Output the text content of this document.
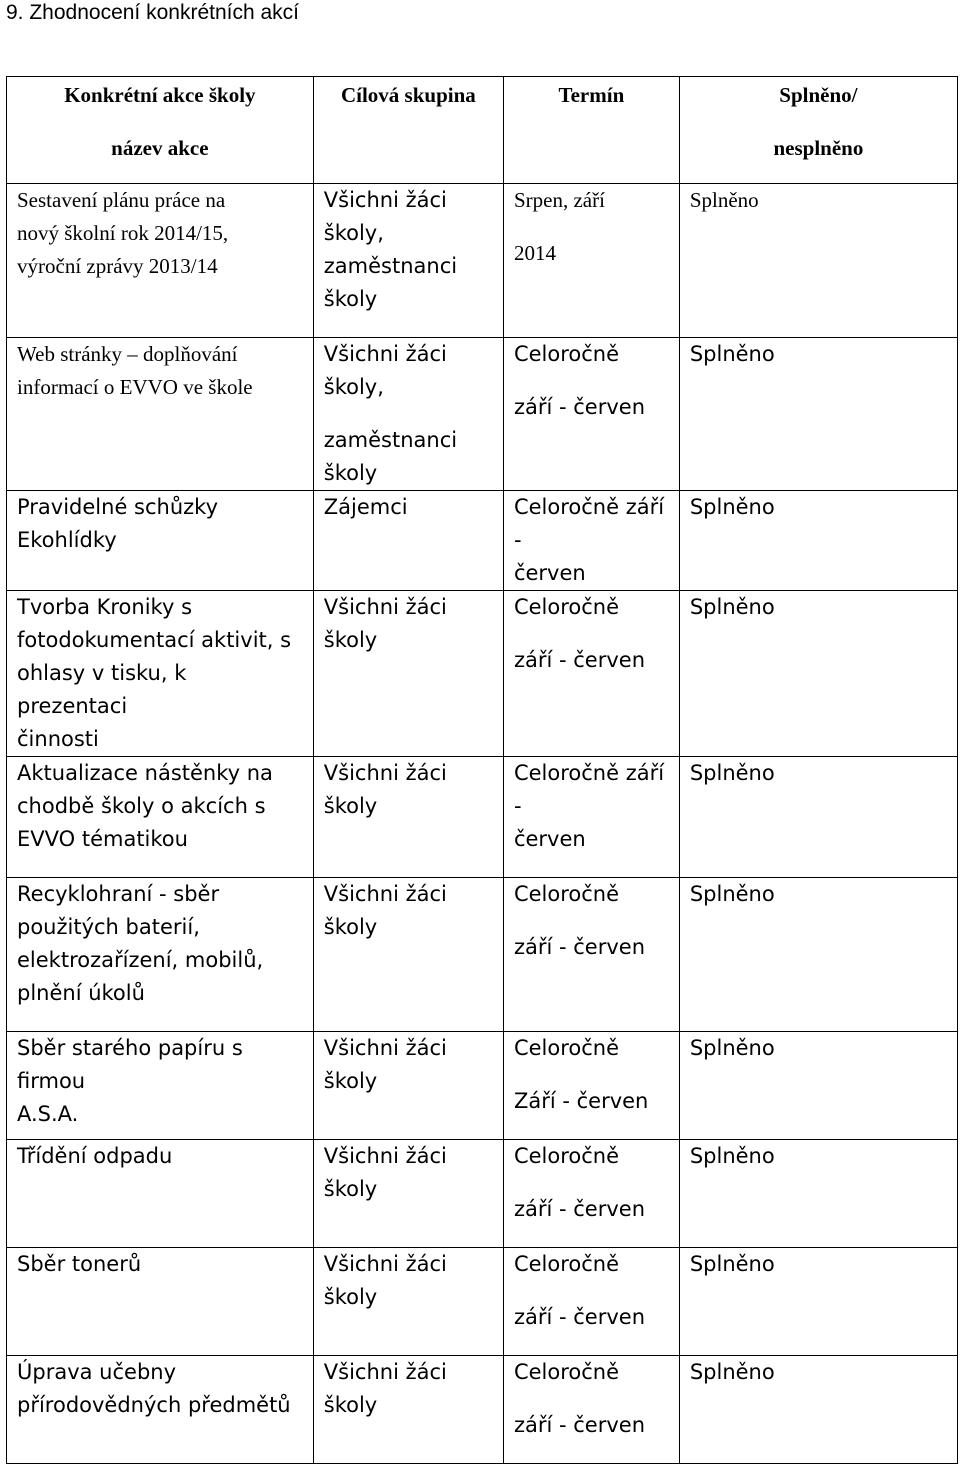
9. Zhodnocení konkrétních akcí
Konkrétní akce školy
název akce	Cílová skupina	Termín	Splněno/
nesplněno

Sestavení plánu práce na
nový školní rok 2014/15,
výroční zprávy 2013/14	Všichni žáci
školy,
zaměstnanci
školy	Srpen, září
2014	Splněno

Web stránky – doplňování
informací o EVVO ve škole	Všichni žáci školy,
zaměstnanci školy	Celoročně
září - červen	Splněno

Pravidelné schůzky
Ekohlídky	Zájemci	Celoročně září -
červen	Splněno

Tvorba Kroniky s
fotodokumentací aktivit, s
ohlasy v tisku, k prezentaci
činnosti	Všichni žáci
školy	Celoročně
září - červen	Splněno

Aktualizace nástěnky na
chodbě školy o akcích s
EVVO tématikou	Všichni žáci
školy	Celoročně září -
červen	Splněno

Recyklohraní - sběr
použitých baterií,
elektrozařízení, mobilů,
plnění úkolů	Všichni žáci
školy	Celoročně
září - červen	Splněno

Sběr starého papíru s firmou
A.S.A.	Všichni žáci
školy	Celoročně
Září - červen	Splněno

Třídění odpadu	Všichni žáci
školy	Celoročně
září - červen	Splněno

Sběr tonerů	Všichni žáci
školy	Celoročně
září - červen	Splněno

Úprava učebny
přírodovědných předmětů	Všichni žáci
školy	Celoročně
září - červen	Splněno
